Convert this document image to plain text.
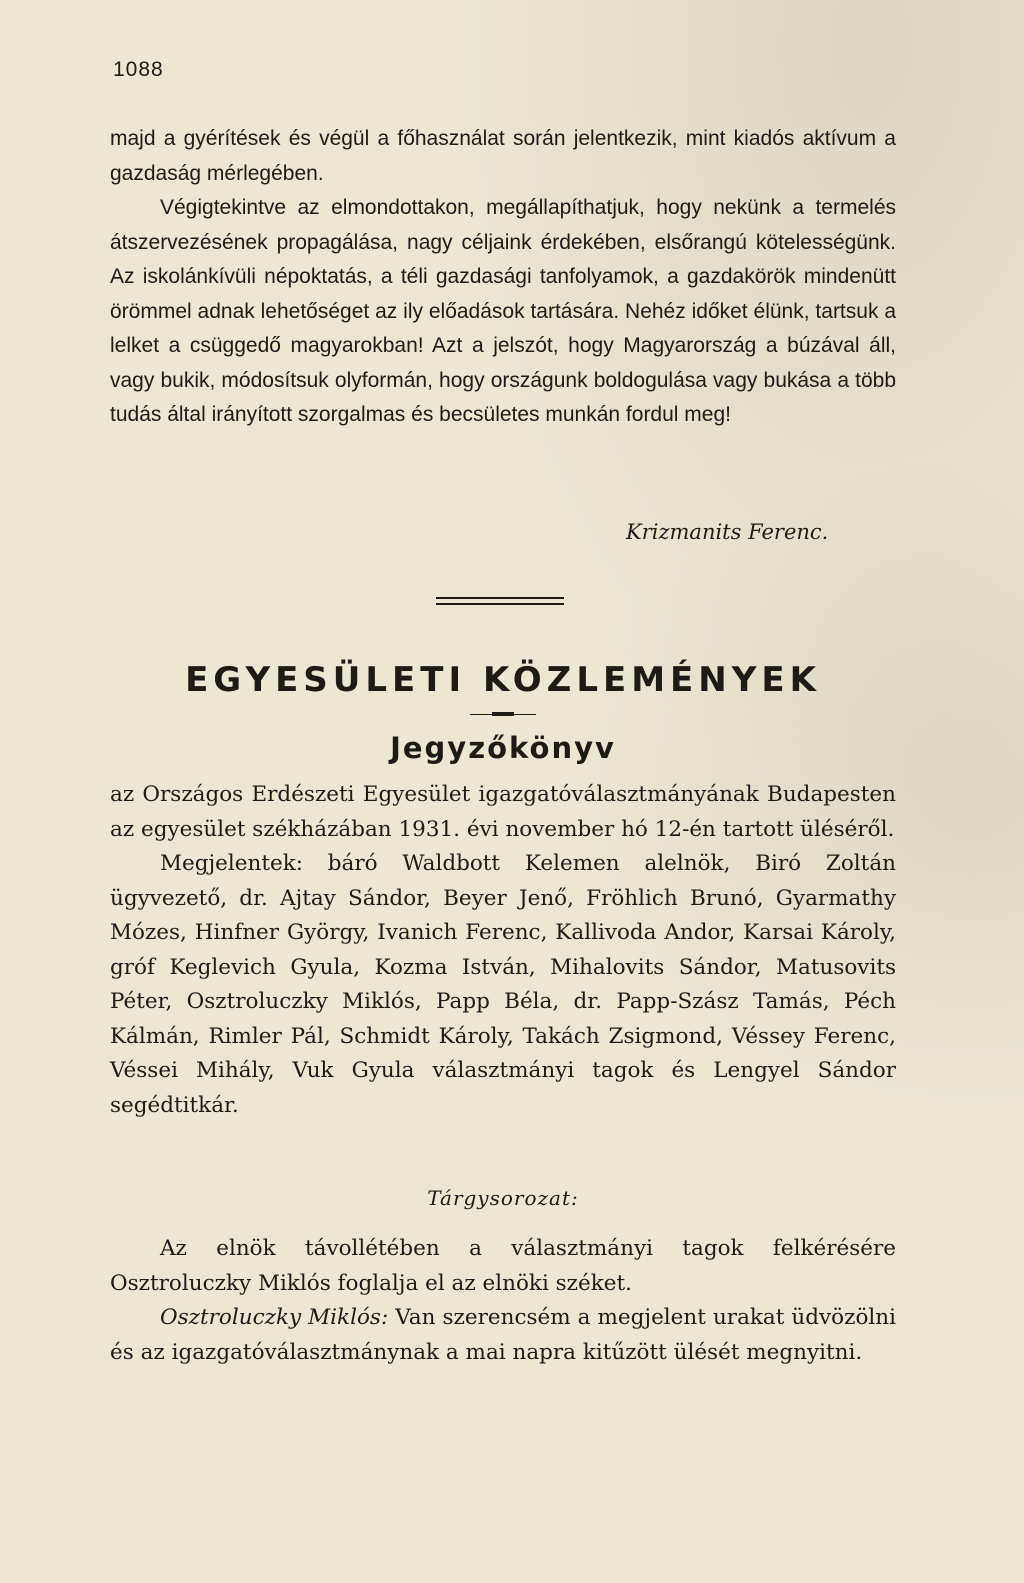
1088

majd a gyérítések és végül a főhasználat során jelentkezik, mint kiadós aktívum a gazdaság mérlegében.

Végigtekintve az elmondottakon, megállapíthatjuk, hogy nekünk a termelés átszervezésének propagálása, nagy céljaink érdekében, elsőrangú kötelességünk. Az iskolánkívüli népoktatás, a téli gazdasági tanfolyamok, a gazdakörök mindenütt örömmel adnak lehetőséget az ily előadások tartására. Nehéz időket élünk, tartsuk a lelket a csüggedő magyarokban! Azt a jelszót, hogy Magyarország a búzával áll, vagy bukik, módosítsuk olyformán, hogy országunk boldogulása vagy bukása a több tudás által irányított szorgalmas és becsületes munkán fordul meg!

Krizmanits Ferenc.
EGYESÜLETI KÖZLEMÉNYEK
Jegyzőkönyv

az Országos Erdészeti Egyesület igazgatóválasztmányának Budapesten az egyesület székházában 1931. évi november hó 12-én tartott üléséről.

Megjelentek: báró Waldbott Kelemen alelnök, Biró Zoltán ügyvezető, dr. Ajtay Sándor, Beyer Jenő, Fröhlich Brunó, Gyarmathy Mózes, Hinfner György, Ivanich Ferenc, Kallivoda Andor, Karsai Károly, gróf Keglevich Gyula, Kozma István, Mihalovits Sándor, Matusovits Péter, Osztroluczky Miklós, Papp Béla, dr. Papp-Szász Tamás, Péch Kálmán, Rimler Pál, Schmidt Károly, Takách Zsigmond, Véssey Ferenc, Véssei Mihály, Vuk Gyula választmányi tagok és Lengyel Sándor segédtitkár.

Tárgysorozat:

Az elnök távollétében a választmányi tagok felkérésére Osztroluczky Miklós foglalja el az elnöki széket.

Osztroluczky Miklós: Van szerencsém a megjelent urakat üdvözölni és az igazgatóválasztmánynak a mai napra kitűzött ülését megnyitni.
